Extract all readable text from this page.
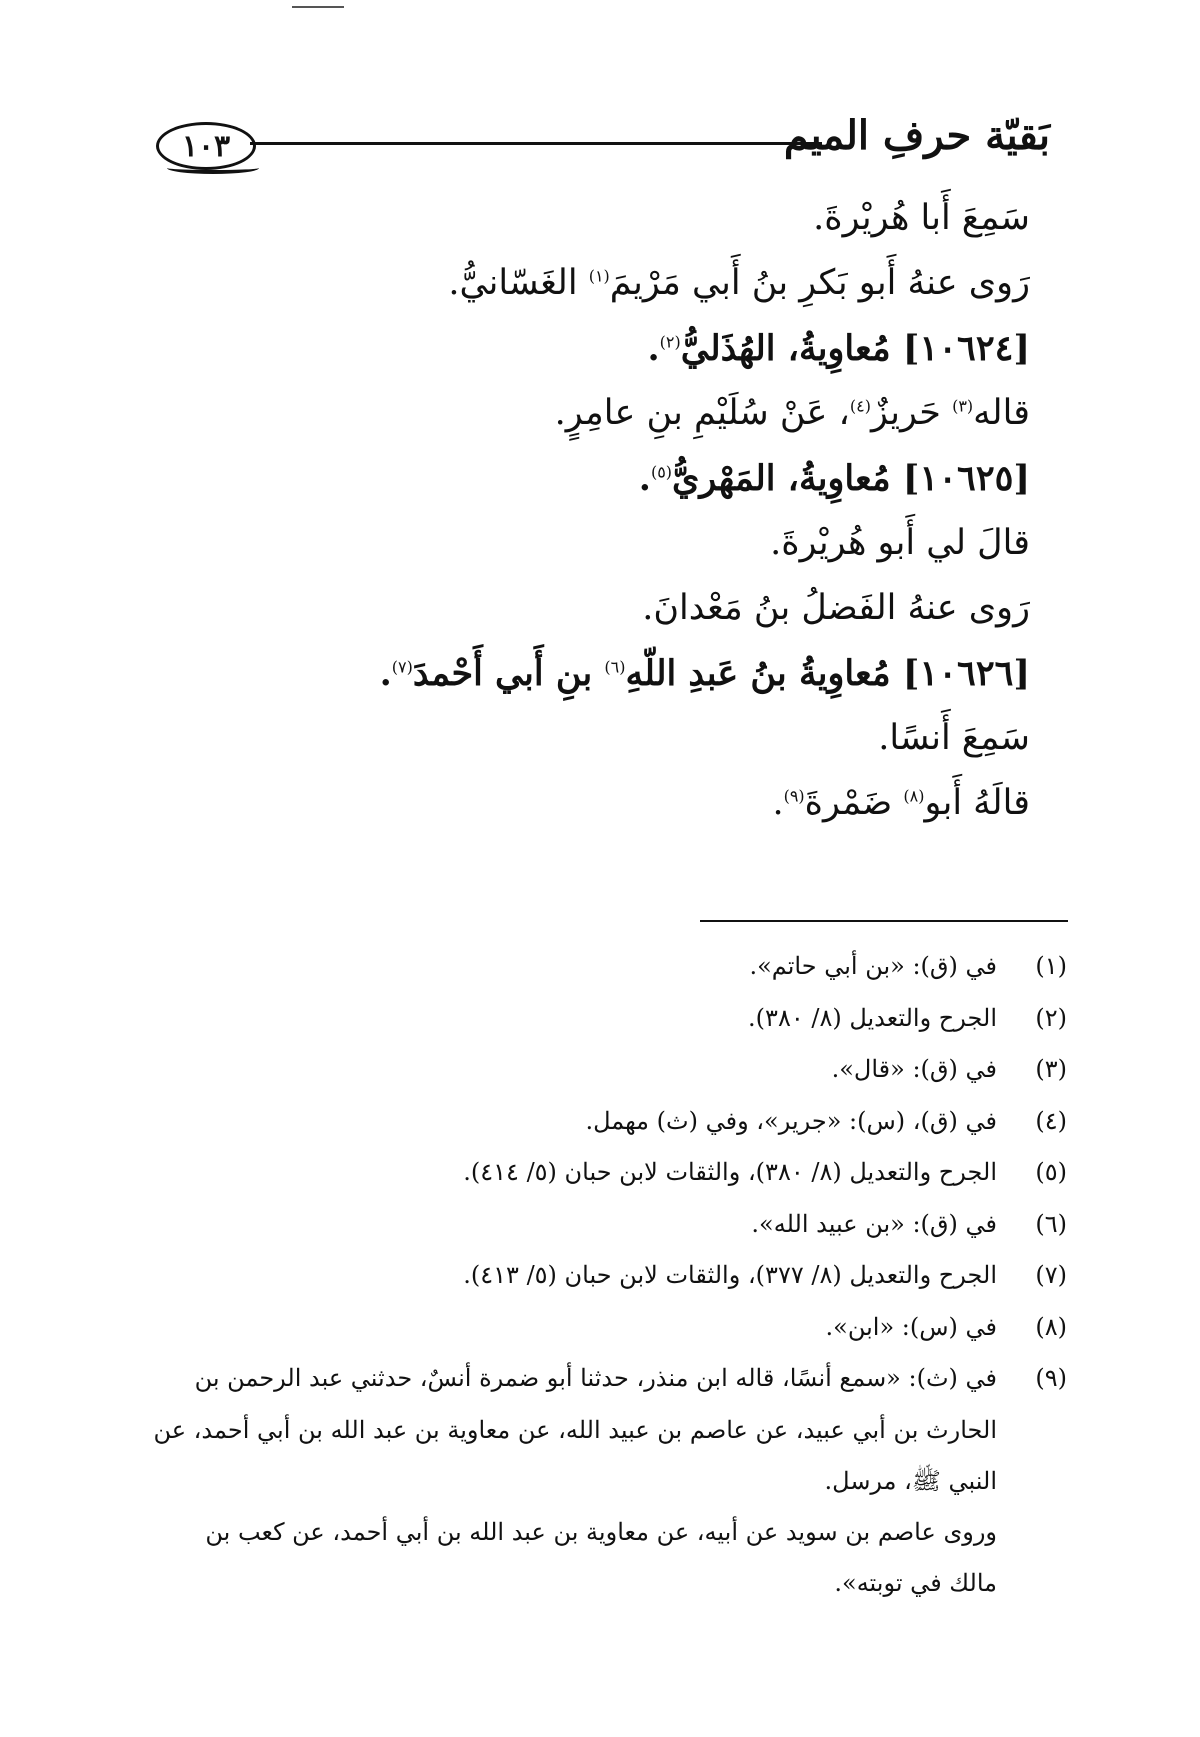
١٠٣	بَقيّة حرفِ الميم
سَمِعَ أَبا هُريْرةَ.
رَوى عنهُ أَبو بَكرِ بنُ أَبي مَرْيمَ$^{(١)}$ الغَسّانيُّ.
[١٠٦٢٤] مُعاوِيةُ، الهُذَليُّ$^{(٢)}$.
قاله$^{(٣)}$ حَريزٌ$^{(٤)}$، عَنْ سُلَيْمِ بنِ عامِرٍ.
[١٠٦٢٥] مُعاوِيةُ، المَهْريُّ$^{(٥)}$.
قالَ لي أَبو هُريْرةَ.
رَوى عنهُ الفَضلُ بنُ مَعْدانَ.
[١٠٦٢٦] مُعاوِيةُ بنُ عَبدِ اللّهِ$^{(٦)}$ بنِ أَبي أَحْمدَ$^{(٧)}$.
سَمِعَ أَنسًا.
قالَهُ أَبو$^{(٨)}$ ضَمْرةَ$^{(٩)}$.
(١)
في (ق): «بن أبي حاتم».
(٢)
الجرح والتعديل (٨/ ٣٨٠).
(٣)
في (ق): «قال».
(٤)
في (ق)، (س): «جرير»، وفي (ث) مهمل.
(٥)
الجرح والتعديل (٨/ ٣٨٠)، والثقات لابن حبان (٥/ ٤١٤).
(٦)
في (ق): «بن عبيد الله».
(٧)
الجرح والتعديل (٨/ ٣٧٧)، والثقات لابن حبان (٥/ ٤١٣).
(٨)
في (س): «ابن».
(٩)
في (ث): «سمع أنسًا، قاله ابن منذر، حدثنا أبو ضمرة أنسٌ، حدثني عبد الرحمن بن
الحارث بن أبي عبيد، عن عاصم بن عبيد الله، عن معاوية بن عبد الله بن أبي أحمد، عن
النبي ﷺ، مرسل.
وروى عاصم بن سويد عن أبيه، عن معاوية بن عبد الله بن أبي أحمد، عن كعب بن
مالك في توبته».
